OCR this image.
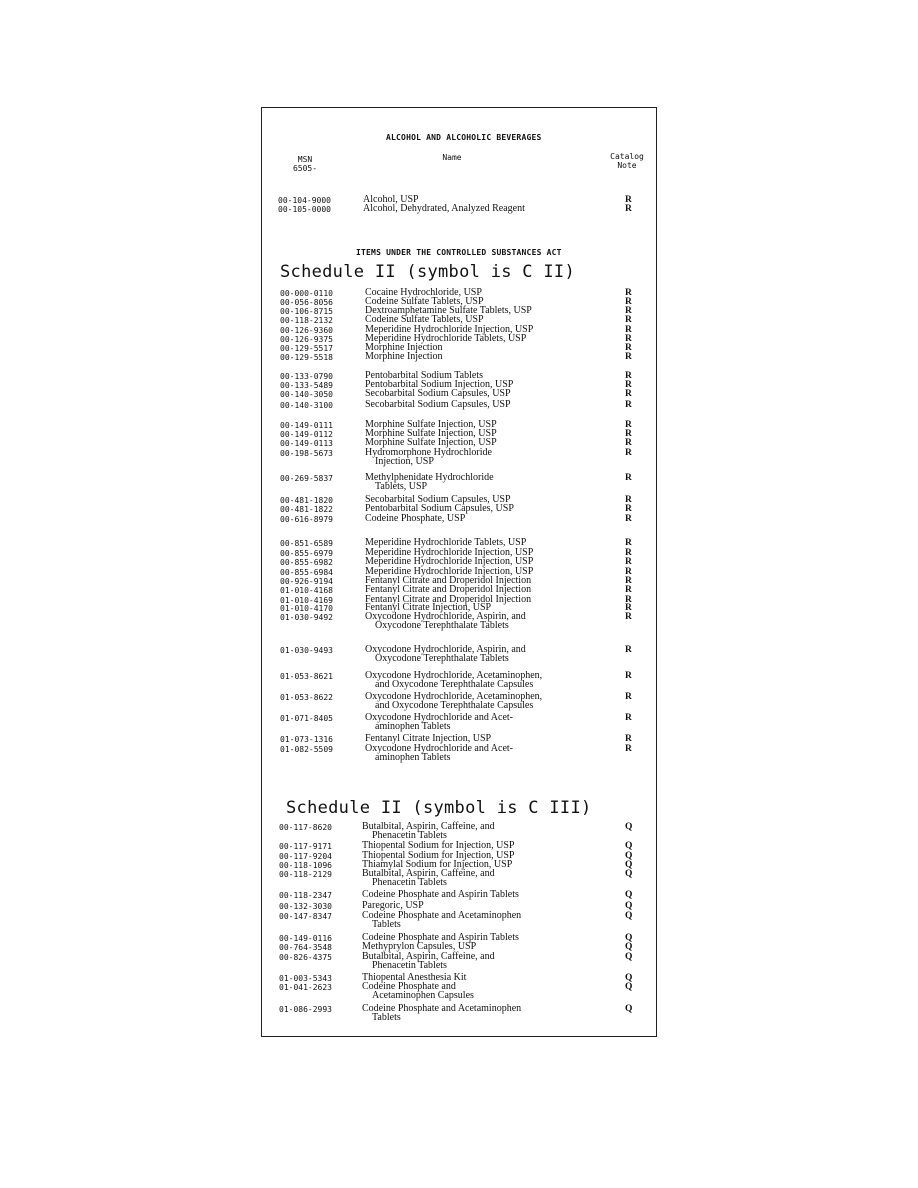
ALCOHOL AND ALCOHOLIC BEVERAGES
MSN
6505-
Name	Catalog
Note
00-104-9000	Alcohol, USP	R
00-105-0000	Alcohol, Dehydrated, Analyzed Reagent	R
ITEMS UNDER THE CONTROLLED SUBSTANCES ACT
Schedule II (symbol is C II)
00-000-0110	Cocaine Hydrochloride, USP	R
00-056-8056	Codeine Sulfate Tablets, USP	R
00-106-8715	Dextroamphetamine Sulfate Tablets, USP	R
00-118-2132	Codeine Sulfate Tablets, USP	R
00-126-9360	Meperidine Hydrochloride Injection, USP	R
00-126-9375	Meperidine Hydrochloride Tablets, USP	R
00-129-5517	Morphine Injection	R
00-129-5518	Morphine Injection	R
00-133-0790	Pentobarbital Sodium Tablets	R
00-133-5489	Pentobarbital Sodium Injection, USP	R
00-140-3050	Secobarbital Sodium Capsules, USP	R
00-140-3100	Secobarbital Sodium Capsules, USP	R
00-149-0111	Morphine Sulfate Injection, USP	R
00-149-0112	Morphine Sulfate Injection, USP	R
00-149-0113	Morphine Sulfate Injection, USP	R
00-198-5673	Hydromorphone Hydrochloride
Injection, USP
R
00-269-5837	Methylphenidate Hydrochloride
Tablets, USP
R
00-481-1820	Secobarbital Sodium Capsules, USP	R
00-481-1822	Pentobarbital Sodium Capsules, USP	R
00-616-8979	Codeine Phosphate, USP	R
00-851-6589	Meperidine Hydrochloride Tablets, USP	R
00-855-6979	Meperidine Hydrochloride Injection, USP	R
00-855-6982	Meperidine Hydrochloride Injection, USP	R
00-855-6984	Meperidine Hydrochloride Injection, USP	R
00-926-9194	Fentanyl Citrate and Droperidol Injection	R
01-010-4168	Fentanyl Citrate and Droperidol Injection	R
01-010-4169	Fentanyl Citrate and Droperidol Injection	R
01-010-4170	Fentanyl Citrate Injection, USP	R
01-030-9492	Oxycodone Hydrochloride, Aspirin, and
Oxycodone Terephthalate Tablets
R
01-030-9493	Oxycodone Hydrochloride, Aspirin, and
Oxycodone Terephthalate Tablets
R
01-053-8621	Oxycodone Hydrochloride, Acetaminophen,
and Oxycodone Terephthalate Capsules
R
01-053-8622	Oxycodone Hydrochloride, Acetaminophen,
and Oxycodone Terephthalate Capsules
R
01-071-8405	Oxycodone Hydrochloride and Acet-
aminophen Tablets
R
01-073-1316	Fentanyl Citrate Injection, USP	R
01-082-5509	Oxycodone Hydrochloride and Acet-
aminophen Tablets
R
Schedule II (symbol is C III)
00-117-8620	Butalbital, Aspirin, Caffeine, and
Phenacetin Tablets
Q
00-117-9171	Thiopental Sodium for Injection, USP	Q
00-117-9204	Thiopental Sodium for Injection, USP	Q
00-118-1096	Thiamylal Sodium for Injection, USP	Q
00-118-2129	Butalbital, Aspirin, Caffeine, and
Phenacetin Tablets
Q
00-118-2347	Codeine Phosphate and Aspirin Tablets	Q
00-132-3030	Paregoric, USP	Q
00-147-8347	Codeine Phosphate and Acetaminophen
Tablets
Q
00-149-0116	Codeine Phosphate and Aspirin Tablets	Q
00-764-3548	Methyprylon Capsules, USP	Q
00-826-4375	Butalbital, Aspirin, Caffeine, and
Phenacetin Tablets
Q
01-003-5343	Thiopental Anesthesia Kit	Q
01-041-2623	Codeine Phosphate and
Acetaminophen Capsules
Q
01-086-2993	Codeine Phosphate and Acetaminophen
Tablets
Q
